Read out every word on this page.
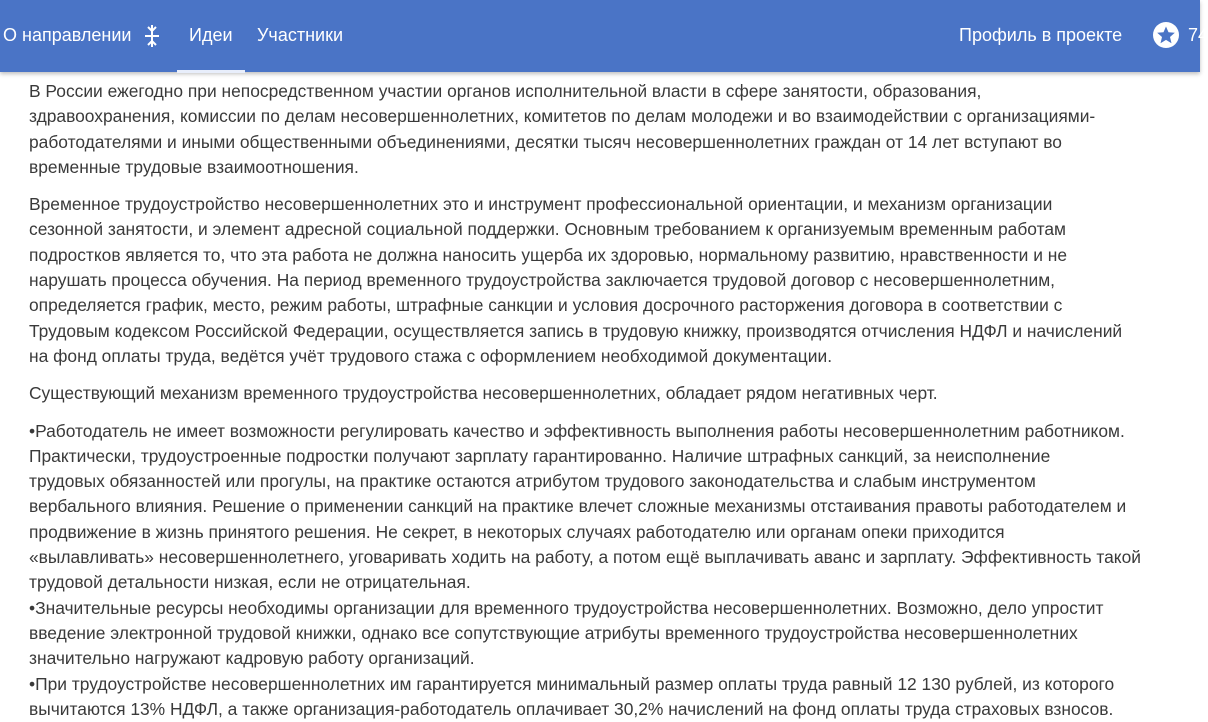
О направлении	Идеи Участники	Профиль в проекте	74

В России ежегодно при непосредственном участии органов исполнительной власти в сфере занятости, образования,
здравоохранения, комиссии по делам несовершеннолетних, комитетов по делам молодежи и во взаимодействии с организациями-
работодателями и иными общественными объединениями, десятки тысяч несовершеннолетних граждан от 14 лет вступают во
временные трудовые взаимоотношения.

Временное трудоустройство несовершеннолетних это и инструмент профессиональной ориентации, и механизм организации
сезонной занятости, и элемент адресной социальной поддержки. Основным требованием к организуемым временным работам
подростков является то, что эта работа не должна наносить ущерба их здоровью, нормальному развитию, нравственности и не
нарушать процесса обучения. На период временного трудоустройства заключается трудовой договор с несовершеннолетним,
определяется график, место, режим работы, штрафные санкции и условия досрочного расторжения договора в соответствии с
Трудовым кодексом Российской Федерации, осуществляется запись в трудовую книжку, производятся отчисления НДФЛ и начислений
на фонд оплаты труда, ведётся учёт трудового стажа с оформлением необходимой документации.

Существующий механизм временного трудоустройства несовершеннолетних, обладает рядом негативных черт.

•Работодатель не имеет возможности регулировать качество и эффективность выполнения работы несовершеннолетним работником.
Практически, трудоустроенные подростки получают зарплату гарантированно. Наличие штрафных санкций, за неисполнение
трудовых обязанностей или прогулы, на практике остаются атрибутом трудового законодательства и слабым инструментом
вербального влияния. Решение о применении санкций на практике влечет сложные механизмы отстаивания правоты работодателем и
продвижение в жизнь принятого решения. Не секрет, в некоторых случаях работодателю или органам опеки приходится
«вылавливать» несовершеннолетнего, уговаривать ходить на работу, а потом ещё выплачивать аванс и зарплату. Эффективность такой
трудовой детальности низкая, если не отрицательная.

•Значительные ресурсы необходимы организации для временного трудоустройства несовершеннолетних. Возможно, дело упростит
введение электронной трудовой книжки, однако все сопутствующие атрибуты временного трудоустройства несовершеннолетних
значительно нагружают кадровую работу организаций.

•При трудоустройстве несовершеннолетних им гарантируется минимальный размер оплаты труда равный 12 130 рублей, из которого
вычитаются 13% НДФЛ, а также организация-работодатель оплачивает 30,2% начислений на фонд оплаты труда страховых взносов.
